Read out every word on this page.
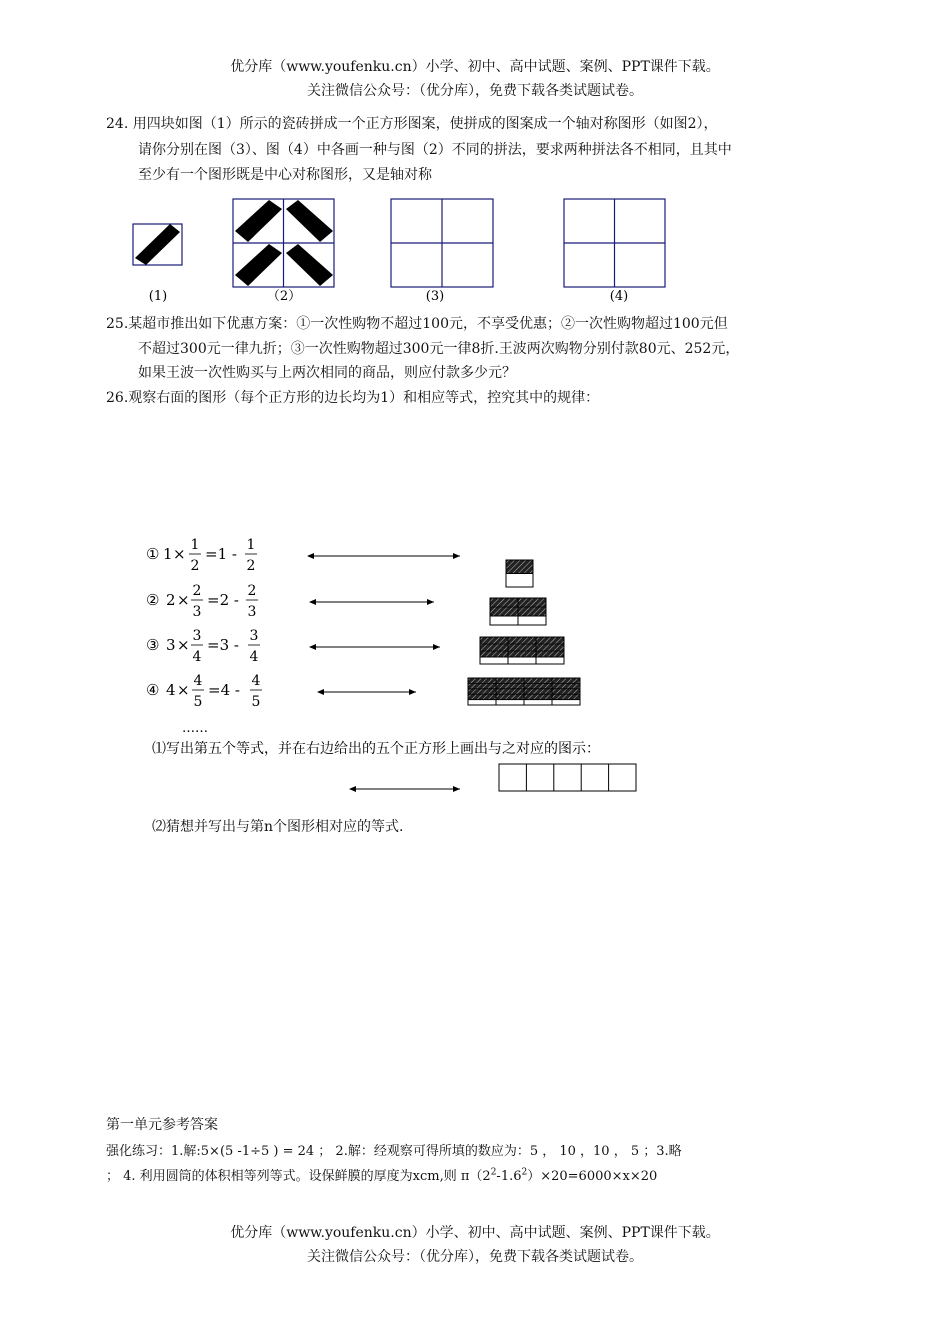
优分库（www.youfenku.cn）小学、初中、高中试题、案例、PPT课件下载。
关注微信公众号：（优分库），免费下载各类试题试卷。
24. 用四块如图（1）所示的瓷砖拼成一个正方形图案，使拼成的图案成一个轴对称图形（如图2），
请你分别在图（3）、图（4）中各画一种与图（2）不同的拼法，要求两种拼法各不相同，且其中
至少有一个图形既是中心对称图形，又是轴对称
(1)	（2）	(3)	(4)
25.某超市推出如下优惠方案：①一次性购物不超过100元，不享受优惠；②一次性购物超过100元但
不超过300元一律九折；③一次性购物超过300元一律8折.王波两次购物分别付款80元、252元，
如果王波一次性购买与上两次相同的商品，则应付款多少元？
26.观察右面的图形（每个正方形的边长均为1）和相应等式，控究其中的规律：
① 1 × 1
2
=1 - 1
2
② 2 × 2
3
=2 - 2
3
③ 3 × 3
4
=3 - 3
4
④ 4 × 4
5
=4 - 4
5
……
⑴写出第五个等式，并在右边给出的五个正方形上画出与之对应的图示：
⑵猜想并写出与第n个图形相对应的等式.
第一单元参考答案
强化练习：1.解:5×(5 -1÷5 ) = 24 ； 2.解：经观察可得所填的数应为：5 ， 10 ，10 ， 5 ；3.略
； 4. 利用圆筒的体积相等列等式。设保鲜膜的厚度为xcm,则 $\pi(2^2-1.6^2)\times 20=6000\times x\times 20$
优分库（www.youfenku.cn）小学、初中、高中试题、案例、PPT课件下载。
关注微信公众号：（优分库），免费下载各类试题试卷。
